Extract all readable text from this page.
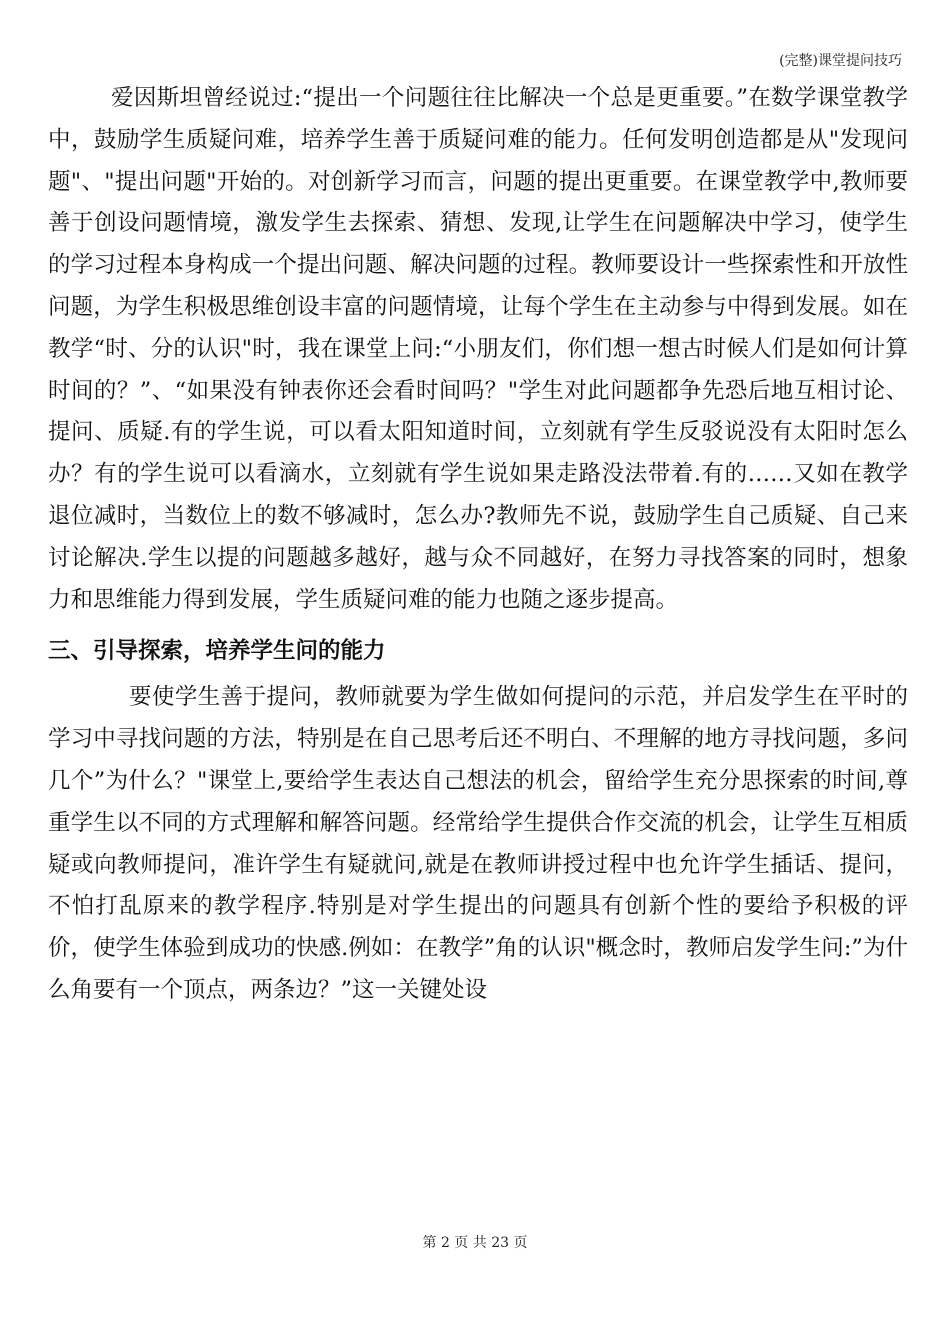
(完整)课堂提问技巧

爱因斯坦曾经说过:“提出一个问题往往比解决一个总是更重要。”在数学课堂教学中，鼓励学生质疑问难，培养学生善于质疑问难的能力。任何发明创造都是从"发现问题"、"提出问题"开始的。对创新学习而言，问题的提出更重要。在课堂教学中,教师要善于创设问题情境，激发学生去探索、猜想、发现,让学生在问题解决中学习，使学生的学习过程本身构成一个提出问题、解决问题的过程。教师要设计一些探索性和开放性问题，为学生积极思维创设丰富的问题情境，让每个学生在主动参与中得到发展。如在教学“时、分的认识"时，我在课堂上问:“小朋友们，你们想一想古时候人们是如何计算时间的？”、“如果没有钟表你还会看时间吗？"学生对此问题都争先恐后地互相讨论、提问、质疑.有的学生说，可以看太阳知道时间，立刻就有学生反驳说没有太阳时怎么办？有的学生说可以看滴水，立刻就有学生说如果走路没法带着.有的……又如在教学退位减时，当数位上的数不够减时，怎么办?教师先不说，鼓励学生自己质疑、自己来讨论解决.学生以提的问题越多越好，越与众不同越好，在努力寻找答案的同时，想象力和思维能力得到发展，学生质疑问难的能力也随之逐步提高。

三、引导探索，培养学生问的能力

要使学生善于提问，教师就要为学生做如何提问的示范，并启发学生在平时的学习中寻找问题的方法，特别是在自己思考后还不明白、不理解的地方寻找问题，多问几个”为什么？"课堂上,要给学生表达自己想法的机会，留给学生充分思探索的时间,尊重学生以不同的方式理解和解答问题。经常给学生提供合作交流的机会，让学生互相质疑或向教师提问，准许学生有疑就问,就是在教师讲授过程中也允许学生插话、提问，不怕打乱原来的教学程序.特别是对学生提出的问题具有创新个性的要给予积极的评价，使学生体验到成功的快感.例如：在教学”角的认识"概念时，教师启发学生问:”为什么角要有一个顶点，两条边？”这一关键处设

第 2 页 共 23 页
